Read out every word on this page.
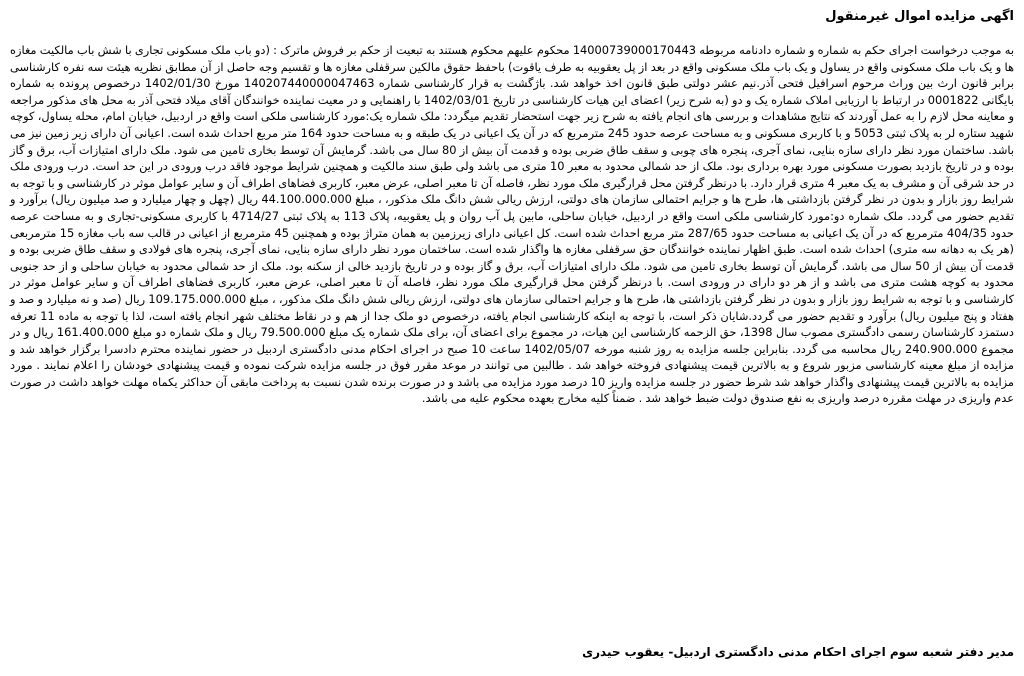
اگهی مزایده اموال غیرمنقول

به موجب درخواست اجرای حکم به شماره و شماره دادنامه مربوطه 14000739000170443 محکوم علیهم محکوم هستند به تبعیت از حکم بر فروش ماترک : (دو باب ملک مسکونی تجاری با شش باب مالکیت مغازه ها و یک باب ملک مسکونی واقع در یساول و یک باب ملک مسکونی واقع در بعد از پل یعقوبیه به طرف یاقوت) باحفظ حقوق مالکین سرقفلی مغازه ها و تقسیم وجه حاصل از آن مطابق نظریه هیئت سه نفره کارشناسی برابر قانون ارث بین وراث مرحوم اسرافیل فتحی آذر.نیم عشر دولتی طبق قانون اخذ خواهد شد. باژگشت به قرار کارشناسی شماره 140207440000047463 مورخ 1402/01/30 درخصوص پرونده به شماره بایگانی 0001822 در ارتباط با ارزیابی املاک شماره یک و دو (به شرح زیر) اعضای این هیات کارشناسی در تاریخ 1402/03/01 با راهنمایی و در معیت نماینده خوانندگان آقای میلاد فتحی آذر به محل های مذکور مراجعه و معاینه محل لازم را به عمل آوردند که نتایج مشاهدات و بررسی های انجام یافته به شرح زیر جهت استحضار تقدیم میگردد: ملک شماره یک:مورد کارشناسی ملکی است واقع در اردبیل، خیابان امام، محله یساول، کوچه شهید ستاره لر به پلاک ثبتی 5053 و با کاربری مسکونی و به مساحت عرصه حدود 245 مترمربع که در آن یک اعیانی در یک طبقه و به مساحت حدود 164 متر مربع احداث شده است. اعیانی آن دارای زیر زمین نیز می باشد. ساختمان مورد نظر دارای سازه بنایی، نمای آجری، پنجره های چوبی و سقف طاق ضربی بوده و قدمت آن بیش از 80 سال می باشد. گرمایش آن توسط بخاری تامین می شود. ملک دارای امتیازات آب، برق و گاز بوده و در تاریخ بازدید بصورت مسکونی مورد بهره برداری بود. ملک از حد شمالی محدود به معبر 10 متری می باشد ولی طبق سند مالکیت و همچنین شرایط موجود فاقد درب ورودی در این حد است. درب ورودی ملک در حد شرقی آن و مشرف به یک معبر 4 متری قرار دارد. با درنظر گرفتن محل قرارگیری ملک مورد نظر، فاصله آن تا معبر اصلی، عرض معبر، کاربری فضاهای اطراف آن و سایر عوامل موثر در کارشناسی و با توجه به شرایط روز بازار و بدون در نظر گرفتن بازداشتی ها، طرح ها و جرایم احتمالی سازمان های دولتی، ارزش ریالی شش دانگ ملک مذکور، ، مبلغ 44.100.000.000 ریال (چهل و چهار میلیارد و صد میلیون ریال) برآورد و تقدیم حضور می گردد. ملک شماره دو:مورد کارشناسی ملکی است واقع در اردبیل، خیابان ساحلی، مابین پل آب روان و پل یعقوبیه، پلاک 113 به پلاک ثبتی 4714/27 با کاربری مسکونی-تجاری و به مساحت عرصه حدود 404/35 مترمربع که در آن یک اعیانی به مساحت حدود 287/65 متر مربع احداث شده است. کل اعیانی دارای زیرزمین به همان متراژ بوده و همچنین 45 مترمربع از اعیانی در قالب سه باب مغازه 15 مترمربعی (هر یک به دهانه سه متری) احداث شده است. طبق اظهار نماینده خوانندگان حق سرقفلی مغازه ها واگذار شده است. ساختمان مورد نظر دارای سازه بنایی، نمای آجری، پنجره های فولادی و سقف طاق ضربی بوده و قدمت آن بیش از 50 سال می باشد. گرمایش آن توسط بخاری تامین می شود. ملک دارای امتیازات آب، برق و گاز بوده و در تاریخ بازدید خالی از سکنه بود. ملک از حد شمالی محدود به خیابان ساحلی و از حد جنوبی محدود به کوچه هشت متری می باشد و از هر دو دارای در ورودی است. با درنظر گرفتن محل قرارگیری ملک مورد نظر، فاصله آن تا معبر اصلی، عرض معبر، کاربری فضاهای اطراف آن و سایر عوامل موثر در کارشناسی و با توجه به شرایط روز بازار و بدون در نظر گرفتن بازداشتی ها، طرح ها و جرایم احتمالی سازمان های دولتی، ارزش ریالی شش دانگ ملک مذکور، ، مبلغ 109.175.000.000 ریال (صد و نه میلیارد و صد و هفتاد و پنج میلیون ریال) برآورد و تقدیم حضور می گردد.شایان ذکر است، با توجه به اینکه کارشناسی انجام یافته، درخصوص دو ملک جدا از هم و در نقاط مختلف شهر انجام یافته است، لذا با توجه به ماده 11 تعرفه دستمزد کارشناسان رسمی دادگستری مصوب سال 1398، حق الزحمه کارشناسی این هیات، در مجموع برای اعضای آن، برای ملک شماره یک مبلغ 79.500.000 ریال و ملک شماره دو مبلغ 161.400.000 ریال و در مجموع 240.900.000 ریال محاسبه می گردد. بنابراین جلسه مزایده به روز شنبه مورخه 1402/05/07 ساعت 10 صبح در اجرای احکام مدنی دادگستری اردبیل در حضور نماینده محترم دادسرا برگزار خواهد شد و مزایده از مبلغ معینه کارشناسی مزبور شروع و به بالاترین قیمت پیشنهادی فروخته خواهد شد . طالبین می توانند در موعد مقرر فوق در جلسه مزایده شرکت نموده و قیمت پیشنهادی خودشان را اعلام نمایند . مورد مزایده به بالاترین قیمت پیشنهادی واگذار خواهد شد شرط حضور در جلسه مزایده واریز 10 درصد مورد مزایده می باشد و در صورت برنده شدن نسبت به پرداخت مابقی آن حداکثر یکماه مهلت خواهد داشت در صورت عدم واریزی در مهلت مقرره درصد واریزی به نفع صندوق دولت ضبط خواهد شد . ضمناً کلیه مخارج بعهده محکوم علیه می باشد.

مدیر دفتر شعبه سوم اجرای احکام مدنی دادگستری اردبیل- یعقوب حیدری
